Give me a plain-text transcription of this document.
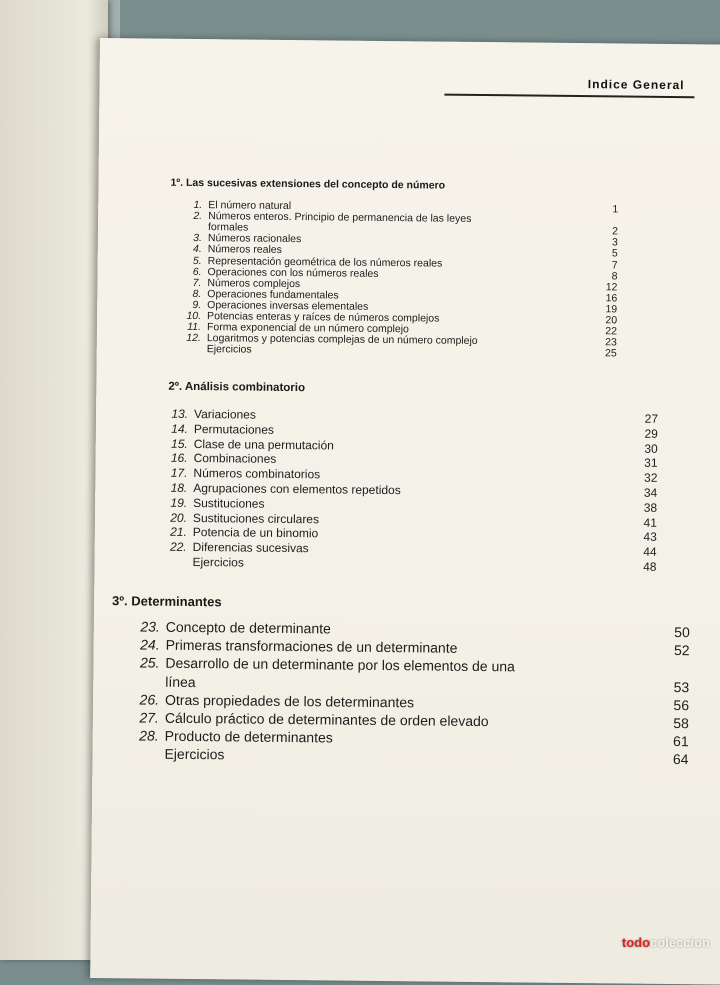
Indice General
1º. Las sucesivas extensiones del concepto de número
1. El número natural	1
2. Números enteros. Principio de permanencia de las leyes
formales	2
3. Números racionales	3
4. Números reales	5
5. Representación geométrica de los números reales	7
6. Operaciones con los números reales	8
7. Números complejos	12
8. Operaciones fundamentales	16
9. Operaciones inversas elementales	19
10. Potencias enteras y raíces de números complejos	20
11. Forma exponencial de un número complejo	22
12. Logaritmos y potencias complejas de un número complejo	23
Ejercicios	25
2º. Análisis combinatorio
13. Variaciones	27
14. Permutaciones	29
15. Clase de una permutación	30
16. Combinaciones	31
17. Números combinatorios	32
18. Agrupaciones con elementos repetidos	34
19. Sustituciones	38
20. Sustituciones circulares	41
21. Potencia de un binomio	43
22. Diferencias sucesivas	44
Ejercicios	48
3º. Determinantes
23. Concepto de determinante	50
24. Primeras transformaciones de un determinante	52
25. Desarrollo de un determinante por los elementos de una
línea	53
26. Otras propiedades de los determinantes	56
27. Cálculo práctico de determinantes de orden elevado	58
28. Producto de determinantes	61
Ejercicios	64
todocoleccion
